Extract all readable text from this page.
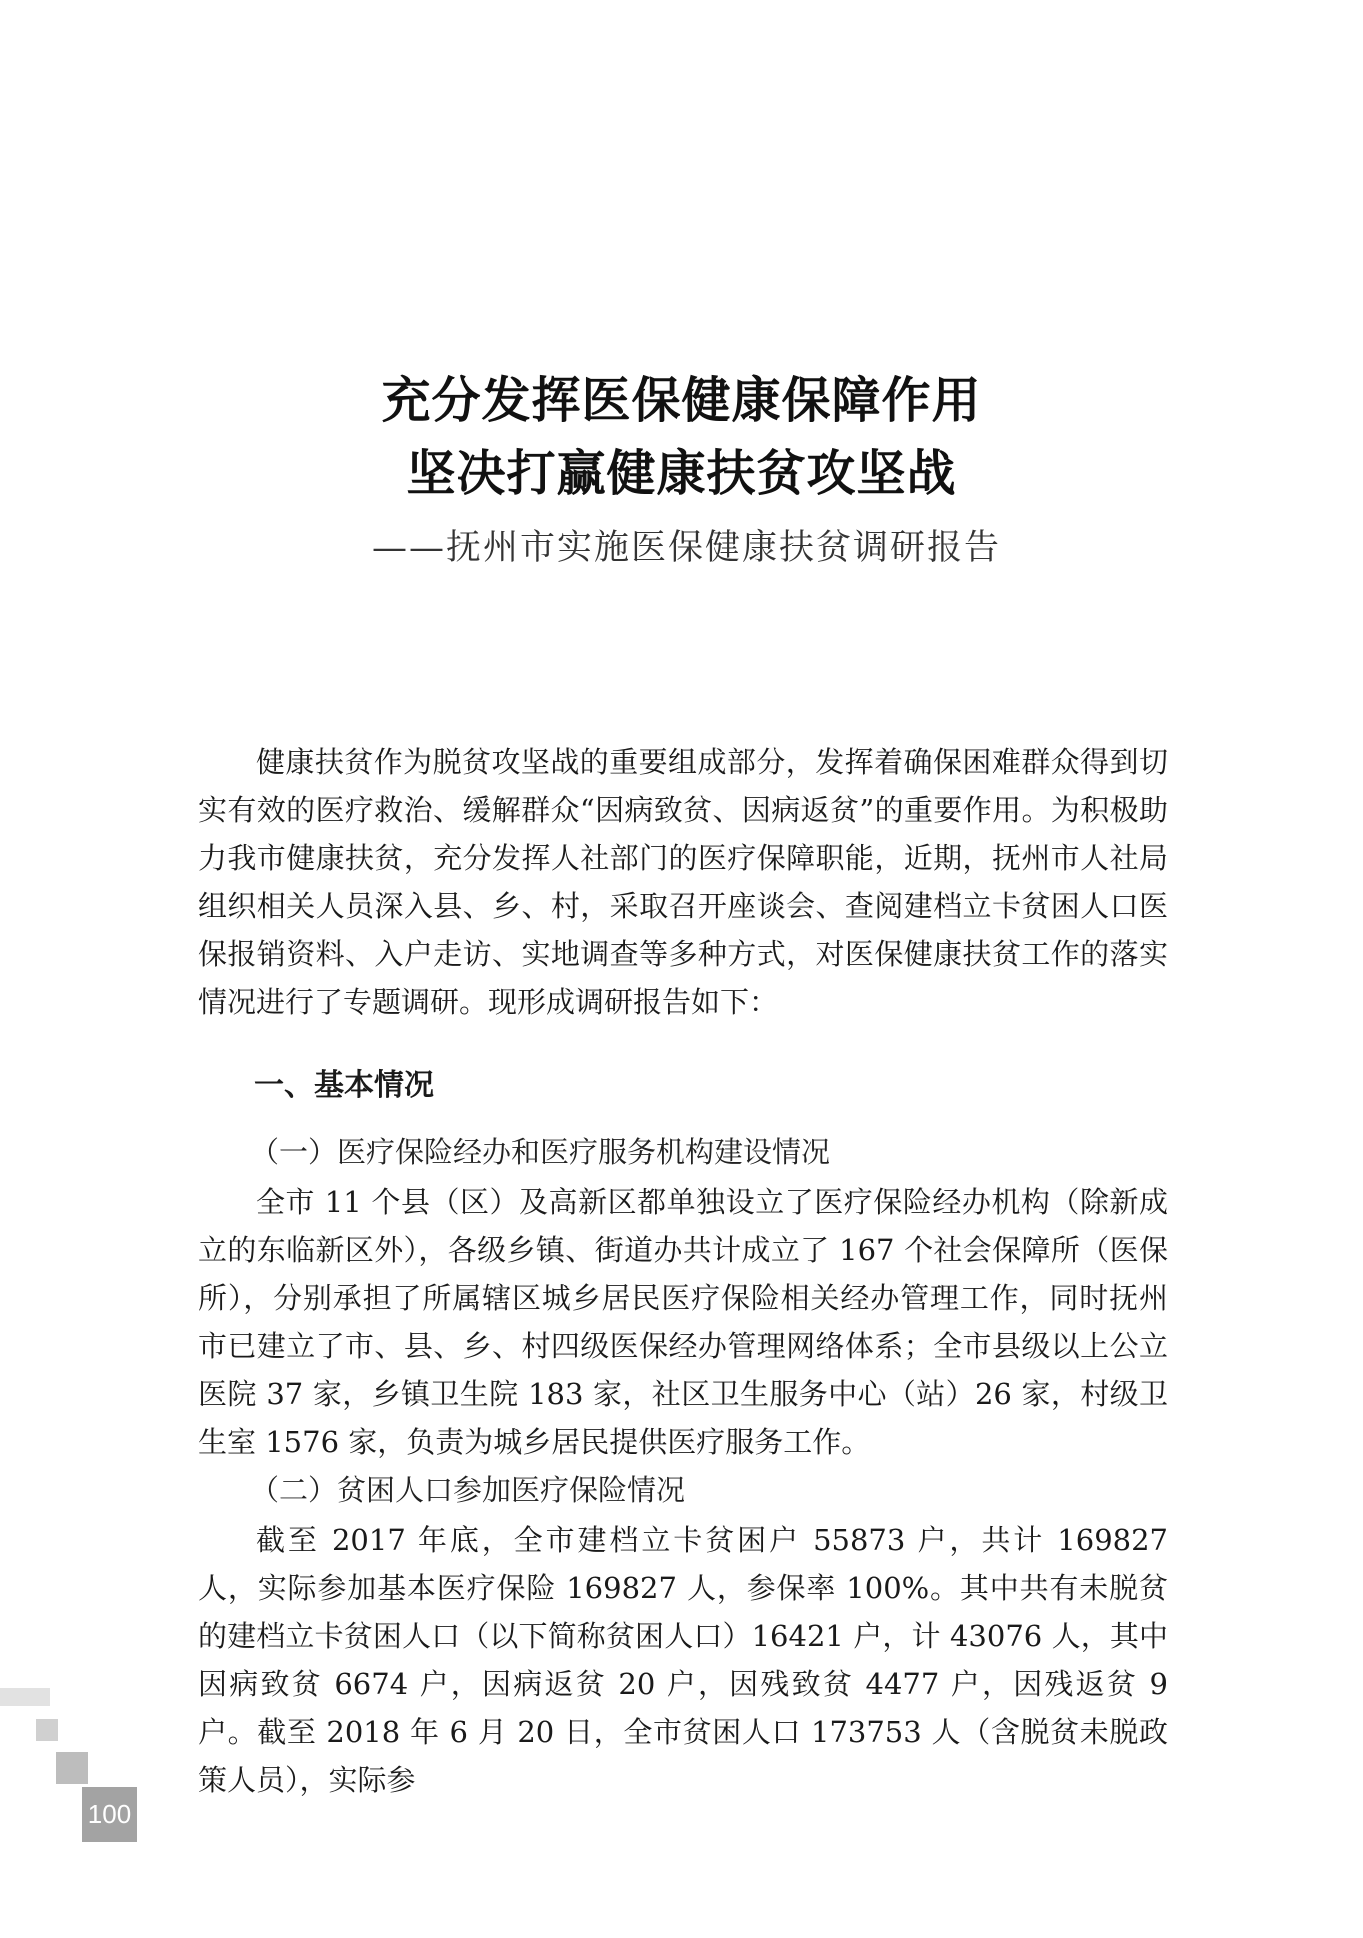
充分发挥医保健康保障作用
坚决打赢健康扶贫攻坚战
——抚州市实施医保健康扶贫调研报告

健康扶贫作为脱贫攻坚战的重要组成部分，发挥着确保困难群众得到切实有效的医疗救治、缓解群众“因病致贫、因病返贫”的重要作用。为积极助力我市健康扶贫，充分发挥人社部门的医疗保障职能，近期，抚州市人社局组织相关人员深入县、乡、村，采取召开座谈会、查阅建档立卡贫困人口医保报销资料、入户走访、实地调查等多种方式，对医保健康扶贫工作的落实情况进行了专题调研。现形成调研报告如下：

一、基本情况
（一）医疗保险经办和医疗服务机构建设情况

全市 11 个县（区）及高新区都单独设立了医疗保险经办机构（除新成立的东临新区外），各级乡镇、街道办共计成立了 167 个社会保障所（医保所），分别承担了所属辖区城乡居民医疗保险相关经办管理工作，同时抚州市已建立了市、县、乡、村四级医保经办管理网络体系；全市县级以上公立医院 37 家，乡镇卫生院 183 家，社区卫生服务中心（站）26 家，村级卫生室 1576 家，负责为城乡居民提供医疗服务工作。

（二）贫困人口参加医疗保险情况

截至 2017 年底，全市建档立卡贫困户 55873 户，共计 169827 人，实际参加基本医疗保险 169827 人，参保率 100%。其中共有未脱贫的建档立卡贫困人口（以下简称贫困人口）16421 户，计 43076 人，其中因病致贫 6674 户，因病返贫 20 户，因残致贫 4477 户，因残返贫 9 户。截至 2018 年 6 月 20 日，全市贫困人口 173753 人（含脱贫未脱政策人员），实际参

100
